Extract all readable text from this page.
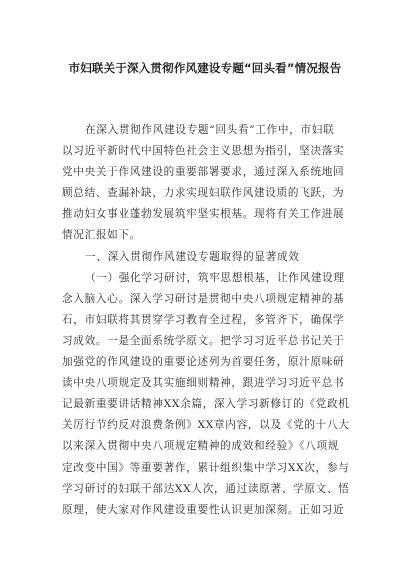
市妇联关于深入贯彻作风建设专题“回头看”情况报告
在深入贯彻作风建设专题“回头看”工作中，市妇联
以习近平新时代中国特色社会主义思想为指引，坚决落实
党中央关于作风建设的重要部署要求，通过深入系统地回
顾总结、查漏补缺，力求实现妇联作风建设质的飞跃，为
推动妇女事业蓬勃发展筑牢坚实根基。现将有关工作进展
情况汇报如下。
一、深入贯彻作风建设专题取得的显著成效
（一）强化学习研讨，筑牢思想根基，让作风建设理
念入脑入心。深入学习研讨是贯彻中央八项规定精神的基
石，市妇联将其贯穿学习教育全过程，多管齐下，确保学
习成效。一是全面系统学原文。把学习习近平总书记关于
加强党的作风建设的重要论述列为首要任务，原汁原味研
读中央八项规定及其实施细则精神，跟进学习习近平总书
记最新重要讲话精神XX余篇，深入学习新修订的《党政机
关厉行节约反对浪费条例》XX章内容，以及《党的十八大
以来深入贯彻中央八项规定精神的成效和经验》《八项规
定改变中国》等重要著作，累计组织集中学习XX次，参与
学习研讨的妇联干部达XX人次，通过读原著、学原文、悟
原理，使大家对作风建设重要性认识更加深刻。正如习近
